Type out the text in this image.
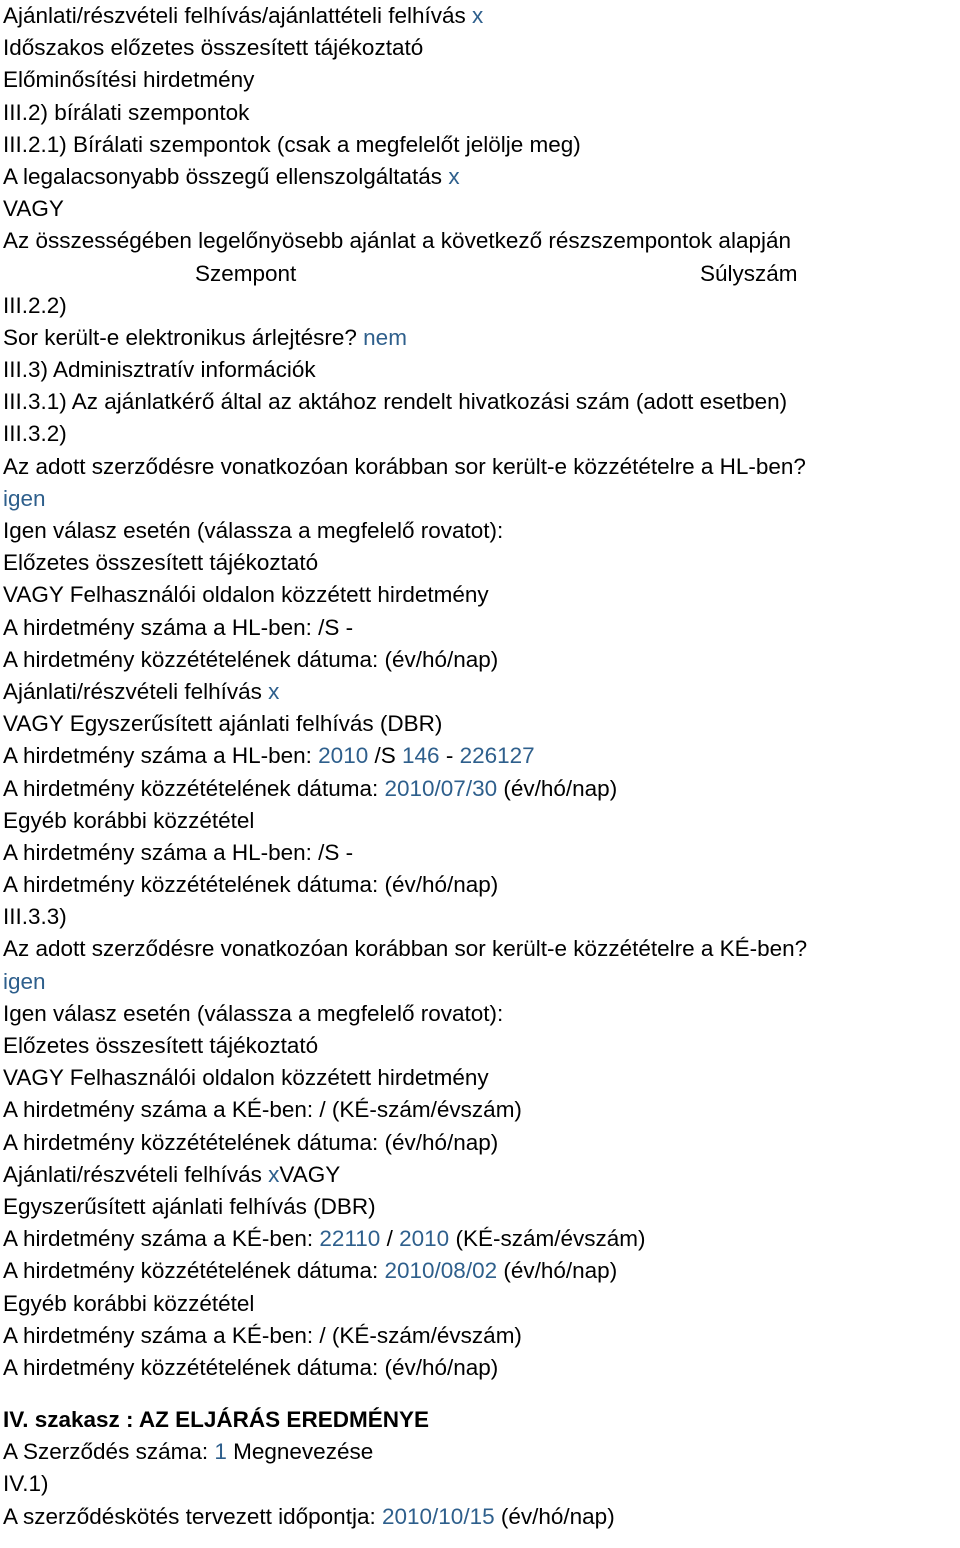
Ajánlati/részvételi felhívás/ajánlattételi felhívás x
Időszakos előzetes összesített tájékoztató
Előminősítési hirdetmény
III.2) bírálati szempontok
III.2.1) Bírálati szempontok (csak a megfelelőt jelölje meg)
A legalacsonyabb összegű ellenszolgáltatás x
VAGY
Az összességében legelőnyösebb ajánlat a következő részszempontok alapján
Szempont	Súlyszám
III.2.2)
Sor került-e elektronikus árlejtésre? nem
III.3) Adminisztratív információk
III.3.1) Az ajánlatkérő által az aktához rendelt hivatkozási szám (adott esetben)
III.3.2)
Az adott szerződésre vonatkozóan korábban sor került-e közzétételre a HL-ben?
igen
Igen válasz esetén (válassza a megfelelő rovatot):
Előzetes összesített tájékoztató
VAGY Felhasználói oldalon közzétett hirdetmény
A hirdetmény száma a HL-ben: /S -
A hirdetmény közzétételének dátuma: (év/hó/nap)
Ajánlati/részvételi felhívás x
VAGY Egyszerűsített ajánlati felhívás (DBR)
A hirdetmény száma a HL-ben: 2010 /S 146 - 226127
A hirdetmény közzétételének dátuma: 2010/07/30 (év/hó/nap)
Egyéb korábbi közzététel
A hirdetmény száma a HL-ben: /S -
A hirdetmény közzétételének dátuma: (év/hó/nap)
III.3.3)
Az adott szerződésre vonatkozóan korábban sor került-e közzétételre a KÉ-ben?
igen
Igen válasz esetén (válassza a megfelelő rovatot):
Előzetes összesített tájékoztató
VAGY Felhasználói oldalon közzétett hirdetmény
A hirdetmény száma a KÉ-ben: / (KÉ-szám/évszám)
A hirdetmény közzétételének dátuma: (év/hó/nap)
Ajánlati/részvételi felhívás xVAGY
Egyszerűsített ajánlati felhívás (DBR)
A hirdetmény száma a KÉ-ben: 22110 / 2010 (KÉ-szám/évszám)
A hirdetmény közzétételének dátuma: 2010/08/02 (év/hó/nap)
Egyéb korábbi közzététel
A hirdetmény száma a KÉ-ben: / (KÉ-szám/évszám)
A hirdetmény közzétételének dátuma: (év/hó/nap)
IV. szakasz : AZ ELJÁRÁS EREDMÉNYE
A Szerződés száma: 1 Megnevezése
IV.1)
A szerződéskötés tervezett időpontja: 2010/10/15 (év/hó/nap)
